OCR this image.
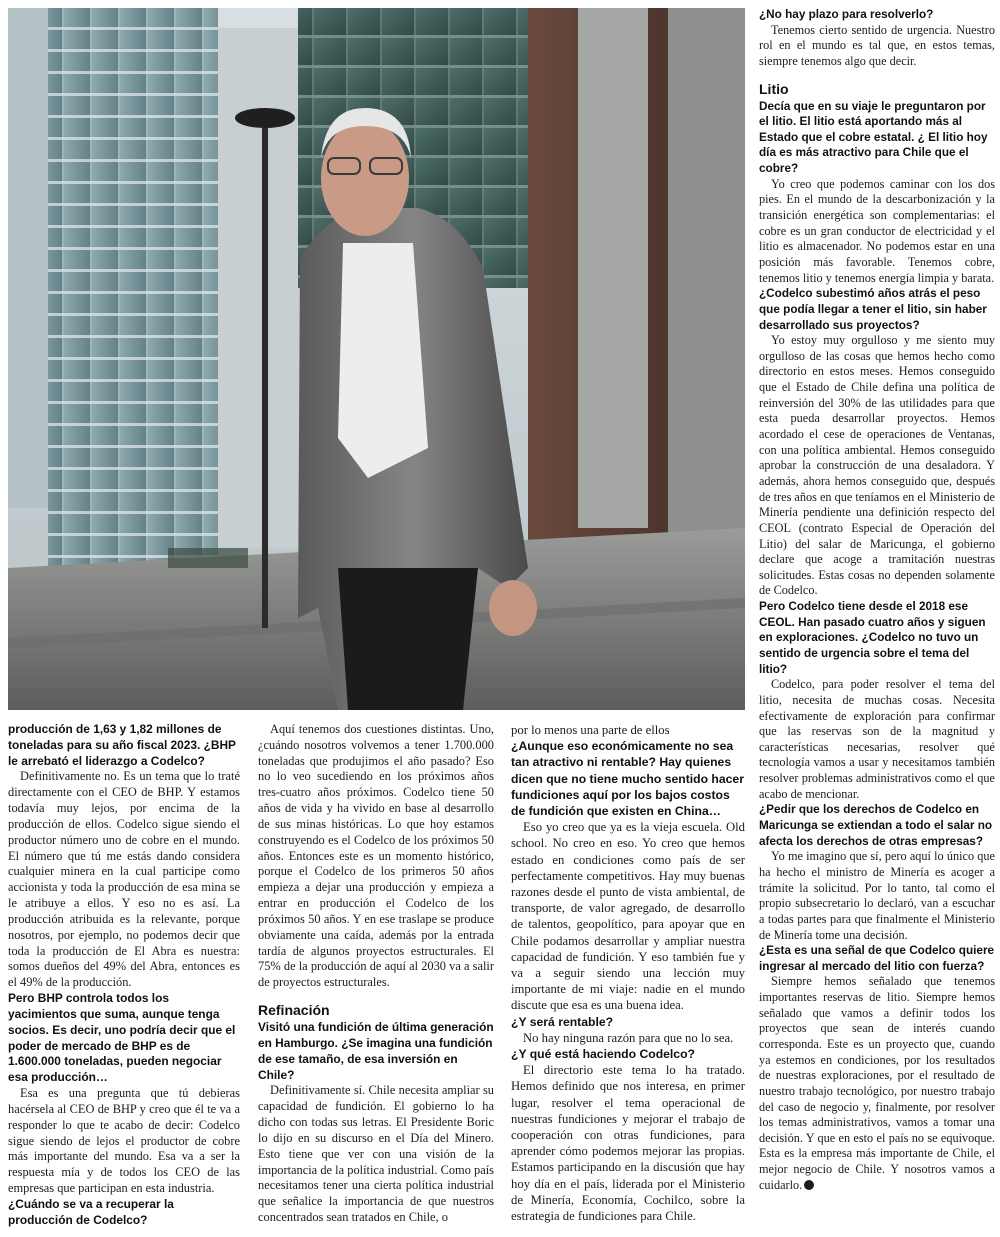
producción de 1,63 y 1,82 millones de toneladas para su año fiscal 2023. ¿BHP le arrebató el liderazgo a Codelco?

Definitivamente no. Es un tema que lo traté directamente con el CEO de BHP. Y estamos todavía muy lejos, por encima de la producción de ellos. Codelco sigue siendo el productor número uno de cobre en el mundo. El número que tú me estás dando considera cualquier minera en la cual participe como accionista y toda la producción de esa mina se le atribuye a ellos. Y eso no es así. La producción atribuida es la relevante, porque nosotros, por ejemplo, no podemos decir que toda la producción de El Abra es nuestra: somos dueños del 49% del Abra, entonces es el 49% de la producción.

Pero BHP controla todos los yacimientos que suma, aunque tenga socios. Es decir, uno podría decir que el poder de mercado de BHP es de 1.600.000 toneladas, pueden negociar esa producción…

Esa es una pregunta que tú debieras hacérsela al CEO de BHP y creo que él te va a responder lo que te acabo de decir: Codelco sigue siendo de lejos el productor de cobre más importante del mundo. Esa va a ser la respuesta mía y de todos los CEO de las empresas que participan en esta industria.

¿Cuándo se va a recuperar la producción de Codelco?

Aquí tenemos dos cuestiones distintas. Uno, ¿cuándo nosotros volvemos a tener 1.700.000 toneladas que produjimos el año pasado? Eso no lo veo sucediendo en los próximos años tres-cuatro años próximos. Codelco tiene 50 años de vida y ha vivido en base al desarrollo de sus minas históricas. Lo que hoy estamos construyendo es el Codelco de los próximos 50 años. Entonces este es un momento histórico, porque el Codelco de los primeros 50 años empieza a dejar una producción y empieza a entrar en producción el Codelco de los próximos 50 años. Y en ese traslape se produce obviamente una caída, además por la entrada tardía de algunos proyectos estructurales. El 75% de la producción de aquí al 2030 va a salir de proyectos estructurales.

Refinación

Visitó una fundición de última generación en Hamburgo. ¿Se imagina una fundición de ese tamaño, de esa inversión en Chile?

Definitivamente sí. Chile necesita ampliar su capacidad de fundición. El gobierno lo ha dicho con todas sus letras. El Presidente Boric lo dijo en su discurso en el Día del Minero. Esto tiene que ver con una visión de la importancia de la política industrial. Como país necesitamos tener una cierta política industrial que señalice la importancia de que nuestros concentrados sean tratados en Chile, o

por lo menos una parte de ellos

¿Aunque eso económicamente no sea tan atractivo ni rentable? Hay quienes dicen que no tiene mucho sentido hacer fundiciones aquí por los bajos costos de fundición que existen en China…

Eso yo creo que ya es la vieja escuela. Old school. No creo en eso. Yo creo que hemos estado en condiciones como país de ser perfectamente competitivos. Hay muy buenas razones desde el punto de vista ambiental, de transporte, de valor agregado, de desarrollo de talentos, geopolítico, para apoyar que en Chile podamos desarrollar y ampliar nuestra capacidad de fundición. Y eso también fue y va a seguir siendo una lección muy importante de mi viaje: nadie en el mundo discute que esa es una buena idea.

¿Y será rentable?

No hay ninguna razón para que no lo sea.

¿Y qué está haciendo Codelco?

El directorio este tema lo ha tratado. Hemos definido que nos interesa, en primer lugar, resolver el tema operacional de nuestras fundiciones y mejorar el trabajo de cooperación con otras fundiciones, para aprender cómo podemos mejorar las propias. Estamos participando en la discusión que hay hoy día en el país, liderada por el Ministerio de Minería, Economía, Cochilco, sobre la estrategia de fundiciones para Chile.

¿No hay plazo para resolverlo?

Tenemos cierto sentido de urgencia. Nuestro rol en el mundo es tal que, en estos temas, siempre tenemos algo que decir.

Litio

Decía que en su viaje le preguntaron por el litio. El litio está aportando más al Estado que el cobre estatal. ¿ El litio hoy día es más atractivo para Chile que el cobre?

Yo creo que podemos caminar con los dos pies. En el mundo de la descarbonización y la transición energética son complementarias: el cobre es un gran conductor de electricidad y el litio es almacenador. No podemos estar en una posición más favorable. Tenemos cobre, tenemos litio y tenemos energía limpia y barata.

¿Codelco subestimó años atrás el peso que podía llegar a tener el litio, sin haber desarrollado sus proyectos?

Yo estoy muy orgulloso y me siento muy orgulloso de las cosas que hemos hecho como directorio en estos meses. Hemos conseguido que el Estado de Chile defina una política de reinversión del 30% de las utilidades para que esta pueda desarrollar proyectos. Hemos acordado el cese de operaciones de Ventanas, con una política ambiental. Hemos conseguido aprobar la construcción de una desaladora. Y además, ahora hemos conseguido que, después de tres años en que teníamos en el Ministerio de Minería pendiente una definición respecto del CEOL (contrato Especial de Operación del Litio) del salar de Maricunga, el gobierno declare que acoge a tramitación nuestras solicitudes. Estas cosas no dependen solamente de Codelco.

Pero Codelco tiene desde el 2018 ese CEOL. Han pasado cuatro años y siguen en exploraciones. ¿Codelco no tuvo un sentido de urgencia sobre el tema del litio?

Codelco, para poder resolver el tema del litio, necesita de muchas cosas. Necesita efectivamente de exploración para confirmar que las reservas son de la magnitud y características necesarias, resolver qué tecnología vamos a usar y necesitamos también resolver problemas administrativos como el que acabo de mencionar.

¿Pedir que los derechos de Codelco en Maricunga se extiendan a todo el salar no afecta los derechos de otras empresas?

Yo me imagino que sí, pero aquí lo único que ha hecho el ministro de Minería es acoger a trámite la solicitud. Por lo tanto, tal como el propio subsecretario lo declaró, van a escuchar a todas partes para que finalmente el Ministerio de Minería tome una decisión.

¿Esta es una señal de que Codelco quiere ingresar al mercado del litio con fuerza?

Siempre hemos señalado que tenemos importantes reservas de litio. Siempre hemos señalado que vamos a definir todos los proyectos que sean de interés cuando corresponda. Este es un proyecto que, cuando ya estemos en condiciones, por los resultados de nuestras exploraciones, por el resultado de nuestro trabajo tecnológico, por nuestro trabajo del caso de negocio y, finalmente, por resolver los temas administrativos, vamos a tomar una decisión. Y que en esto el país no se equivoque. Esta es la empresa más importante de Chile, el mejor negocio de Chile. Y nosotros vamos a cuidarlo.
